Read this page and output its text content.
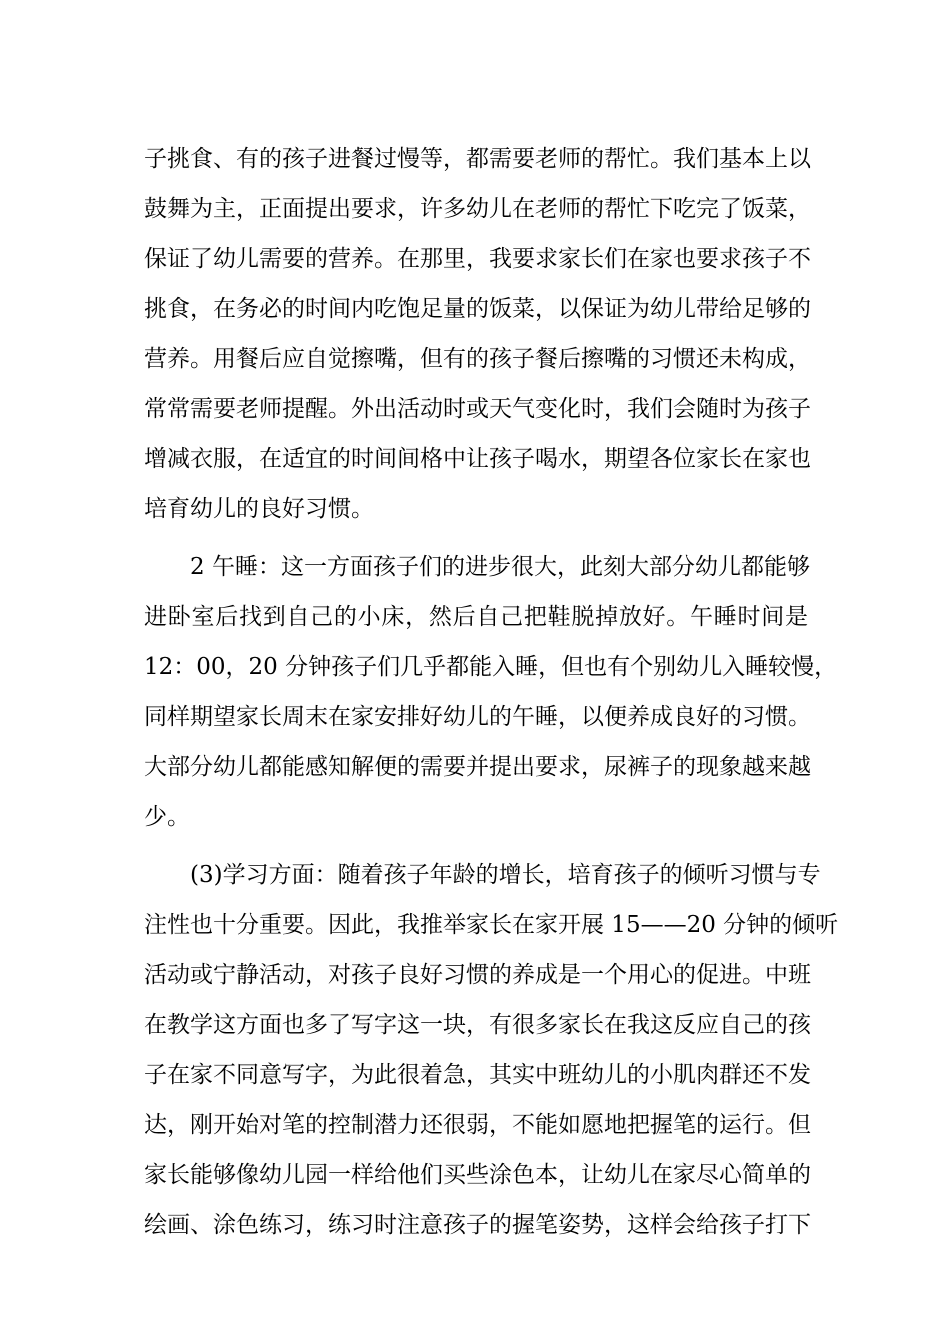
子挑食、有的孩子进餐过慢等，都需要老师的帮忙。我们基本上以
鼓舞为主，正面提出要求，许多幼儿在老师的帮忙下吃完了饭菜，
保证了幼儿需要的营养。在那里，我要求家长们在家也要求孩子不
挑食，在务必的时间内吃饱足量的饭菜，以保证为幼儿带给足够的
营养。用餐后应自觉擦嘴，但有的孩子餐后擦嘴的习惯还未构成，
常常需要老师提醒。外出活动时或天气变化时，我们会随时为孩子
增减衣服，在适宜的时间间格中让孩子喝水，期望各位家长在家也
培育幼儿的良好习惯。
2 午睡：这一方面孩子们的进步很大，此刻大部分幼儿都能够
进卧室后找到自己的小床，然后自己把鞋脱掉放好。午睡时间是
12：00，20 分钟孩子们几乎都能入睡，但也有个别幼儿入睡较慢，
同样期望家长周末在家安排好幼儿的午睡，以便养成良好的习惯。
大部分幼儿都能感知解便的需要并提出要求，尿裤子的现象越来越
少。
(3)学习方面：随着孩子年龄的增长，培育孩子的倾听习惯与专
注性也十分重要。因此，我推举家长在家开展 15——20 分钟的倾听
活动或宁静活动，对孩子良好习惯的养成是一个用心的促进。中班
在教学这方面也多了写字这一块，有很多家长在我这反应自己的孩
子在家不同意写字，为此很着急，其实中班幼儿的小肌肉群还不发
达，刚开始对笔的控制潜力还很弱，不能如愿地把握笔的运行。但
家长能够像幼儿园一样给他们买些涂色本，让幼儿在家尽心简单的
绘画、涂色练习，练习时注意孩子的握笔姿势，这样会给孩子打下
